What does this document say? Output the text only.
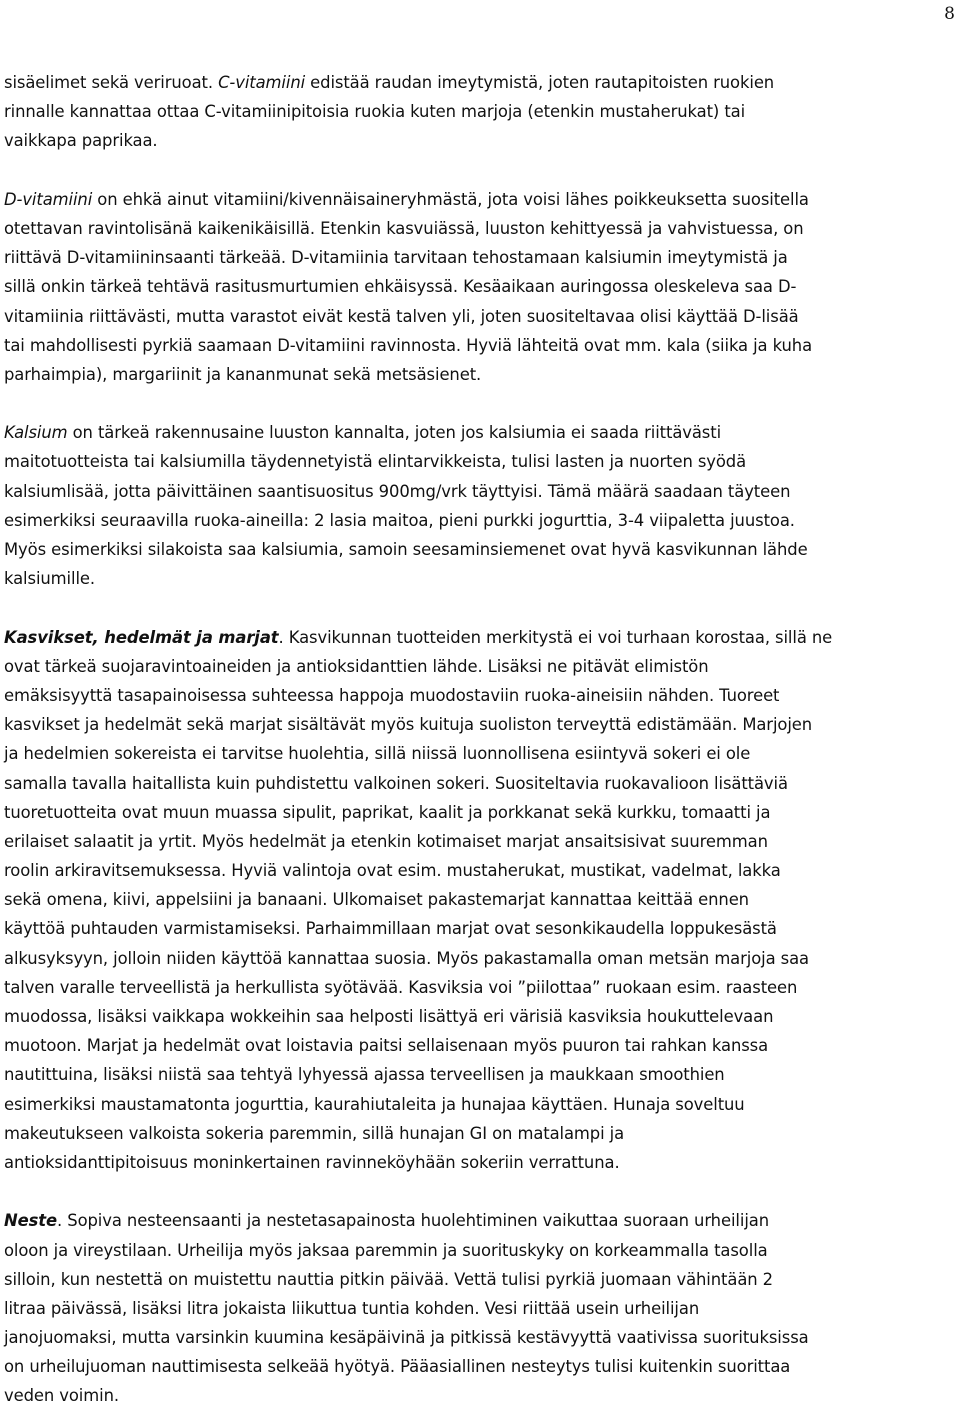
8

sisäelimet sekä veriruoat. C-vitamiini edistää raudan imeytymistä, joten rautapitoisten ruokien
rinnalle kannattaa ottaa C-vitamiinipitoisia ruokia kuten marjoja (etenkin mustaherukat) tai
vaikkapa paprikaa.

D-vitamiini on ehkä ainut vitamiini/kivennäisaineryhmästä, jota voisi lähes poikkeuksetta suositella
otettavan ravintolisänä kaikenikäisillä. Etenkin kasvuiässä, luuston kehittyessä ja vahvistuessa, on
riittävä D-vitamiininsaanti tärkeää. D-vitamiinia tarvitaan tehostamaan kalsiumin imeytymistä ja
sillä onkin tärkeä tehtävä rasitusmurtumien ehkäisyssä. Kesäaikaan auringossa oleskeleva saa D-
vitamiinia riittävästi, mutta varastot eivät kestä talven yli, joten suositeltavaa olisi käyttää D-lisää
tai mahdollisesti pyrkiä saamaan D-vitamiini ravinnosta. Hyviä lähteitä ovat mm. kala (siika ja kuha
parhaimpia), margariinit ja kananmunat sekä metsäsienet.

Kalsium on tärkeä rakennusaine luuston kannalta, joten jos kalsiumia ei saada riittävästi
maitotuotteista tai kalsiumilla täydennetyistä elintarvikkeista, tulisi lasten ja nuorten syödä
kalsiumlisää, jotta päivittäinen saantisuositus 900mg/vrk täyttyisi. Tämä määrä saadaan täyteen
esimerkiksi seuraavilla ruoka-aineilla: 2 lasia maitoa, pieni purkki jogurttia, 3-4 viipaletta juustoa.
Myös esimerkiksi silakoista saa kalsiumia, samoin seesaminsiemenet ovat hyvä kasvikunnan lähde
kalsiumille.

Kasvikset, hedelmät ja marjat. Kasvikunnan tuotteiden merkitystä ei voi turhaan korostaa, sillä ne
ovat tärkeä suojaravintoaineiden ja antioksidanttien lähde. Lisäksi ne pitävät elimistön
emäksisyyttä tasapainoisessa suhteessa happoja muodostaviin ruoka-aineisiin nähden. Tuoreet
kasvikset ja hedelmät sekä marjat sisältävät myös kuituja suoliston terveyttä edistämään. Marjojen
ja hedelmien sokereista ei tarvitse huolehtia, sillä niissä luonnollisena esiintyvä sokeri ei ole
samalla tavalla haitallista kuin puhdistettu valkoinen sokeri. Suositeltavia ruokavalioon lisättäviä
tuoretuotteita ovat muun muassa sipulit, paprikat, kaalit ja porkkanat sekä kurkku, tomaatti ja
erilaiset salaatit ja yrtit. Myös hedelmät ja etenkin kotimaiset marjat ansaitsisivat suuremman
roolin arkiravitsemuksessa. Hyviä valintoja ovat esim. mustaherukat, mustikat, vadelmat, lakka
sekä omena, kiivi, appelsiini ja banaani. Ulkomaiset pakastemarjat kannattaa keittää ennen
käyttöä puhtauden varmistamiseksi. Parhaimmillaan marjat ovat sesonkikaudella loppukesästä
alkusyksyyn, jolloin niiden käyttöä kannattaa suosia. Myös pakastamalla oman metsän marjoja saa
talven varalle terveellistä ja herkullista syötävää. Kasviksia voi ”piilottaa” ruokaan esim. raasteen
muodossa, lisäksi vaikkapa wokkeihin saa helposti lisättyä eri värisiä kasviksia houkuttelevaan
muotoon. Marjat ja hedelmät ovat loistavia paitsi sellaisenaan myös puuron tai rahkan kanssa
nautittuina, lisäksi niistä saa tehtyä lyhyessä ajassa terveellisen ja maukkaan smoothien
esimerkiksi maustamatonta jogurttia, kaurahiutaleita ja hunajaa käyttäen. Hunaja soveltuu
makeutukseen valkoista sokeria paremmin, sillä hunajan GI on matalampi ja
antioksidanttipitoisuus moninkertainen ravinneköyhään sokeriin verrattuna.

Neste. Sopiva nesteensaanti ja nestetasapainosta huolehtiminen vaikuttaa suoraan urheilijan
oloon ja vireystilaan. Urheilija myös jaksaa paremmin ja suorituskyky on korkeammalla tasolla
silloin, kun nestettä on muistettu nauttia pitkin päivää. Vettä tulisi pyrkiä juomaan vähintään 2
litraa päivässä, lisäksi litra jokaista liikuttua tuntia kohden. Vesi riittää usein urheilijan
janojuomaksi, mutta varsinkin kuumina kesäpäivinä ja pitkissä kestävyyttä vaativissa suorituksissa
on urheilujuoman nauttimisesta selkeää hyötyä. Pääasiallinen nesteytys tulisi kuitenkin suorittaa
veden voimin.
